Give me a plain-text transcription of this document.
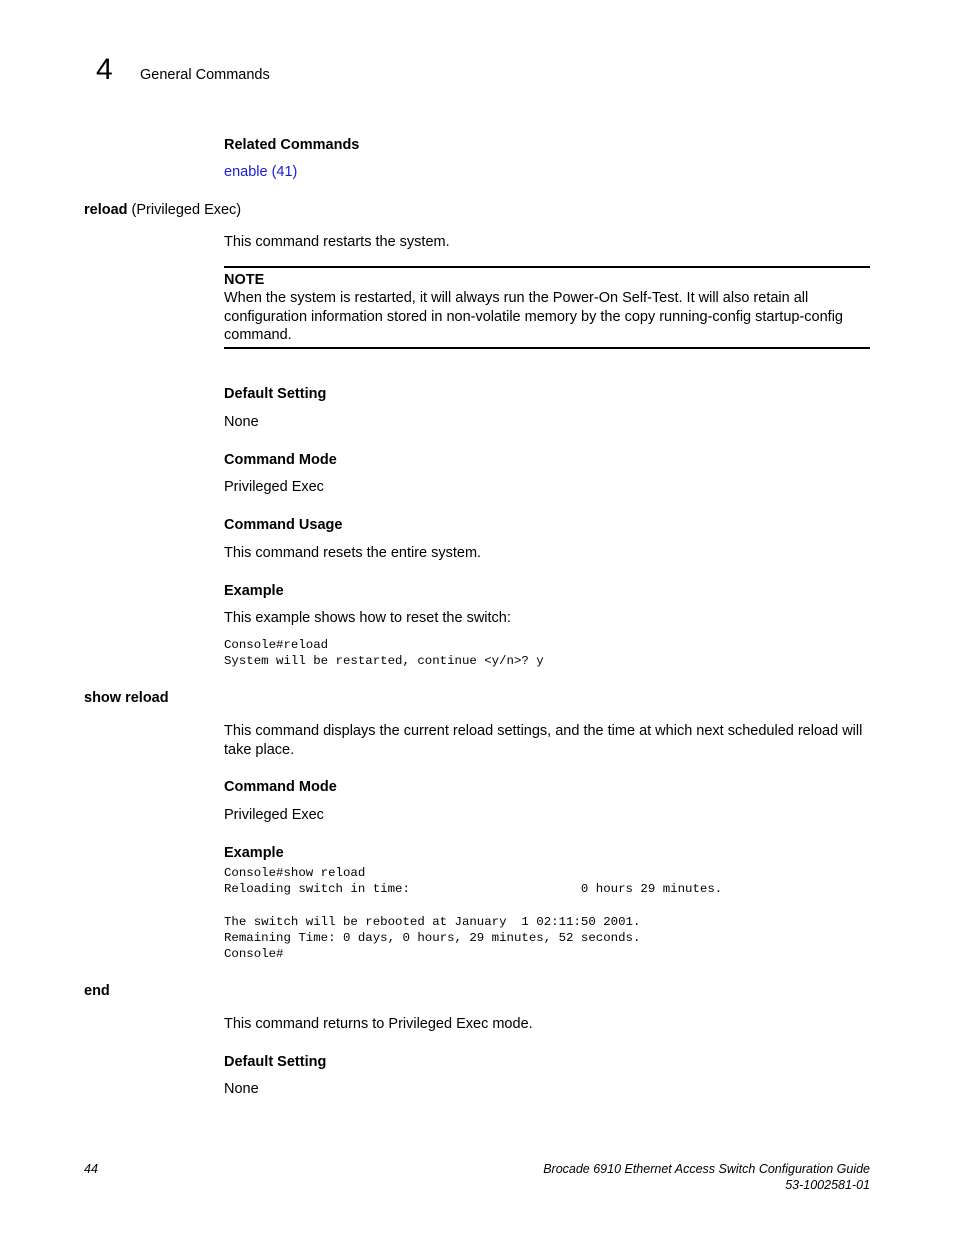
4 General Commands
Related Commands
enable (41)
reload (Privileged Exec)
This command restarts the system.
NOTE
When the system is restarted, it will always run the Power-On Self-Test. It will also retain all configuration information stored in non-volatile memory by the copy running-config startup-config command.
Default Setting
None
Command Mode
Privileged Exec
Command Usage
This command resets the entire system.
Example
This example shows how to reset the switch:
Console#reload
System will be restarted, continue <y/n>? y
show reload
This command displays the current reload settings, and the time at which next scheduled reload will take place.
Command Mode
Privileged Exec
Example
Console#show reload
Reloading switch in time:                       0 hours 29 minutes.

The switch will be rebooted at January  1 02:11:50 2001.
Remaining Time: 0 days, 0 hours, 29 minutes, 52 seconds.
Console#
end
This command returns to Privileged Exec mode.
Default Setting
None
44	Brocade 6910 Ethernet Access Switch Configuration Guide
53-1002581-01
